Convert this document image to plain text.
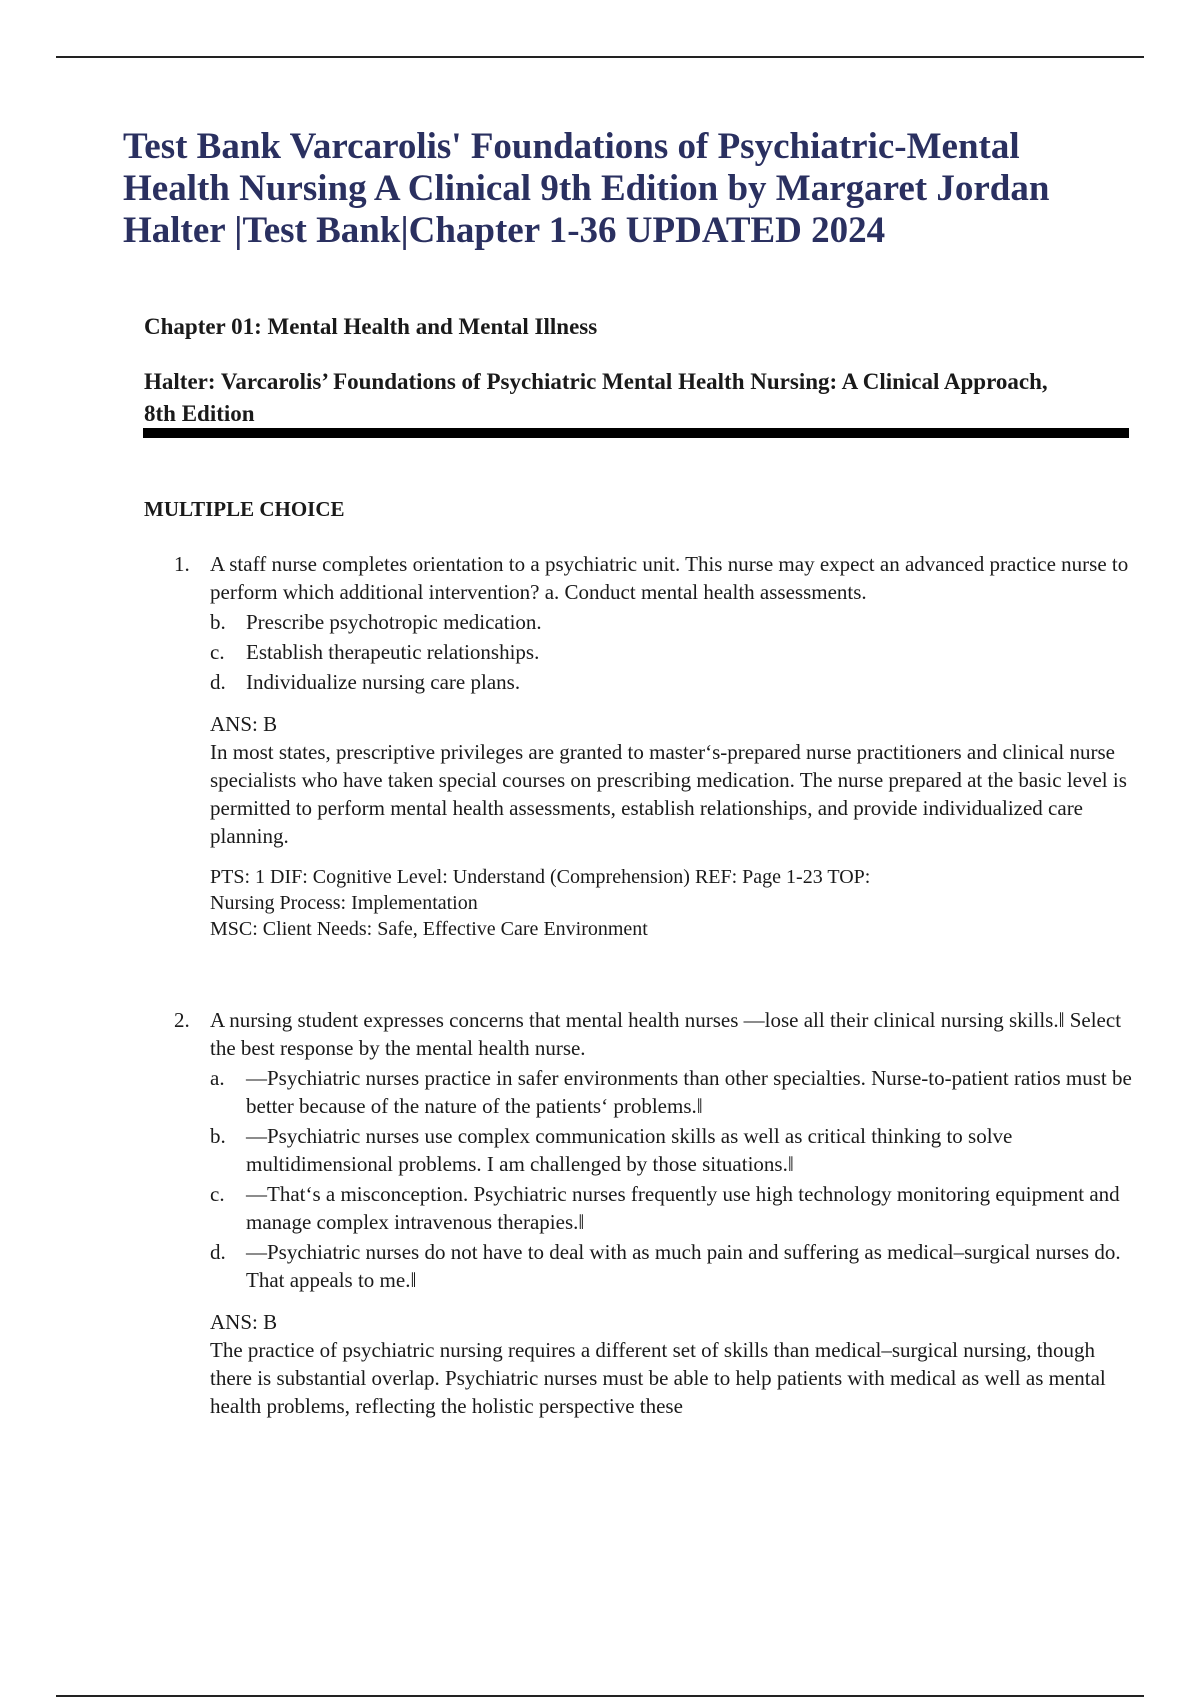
Test Bank Varcarolis' Foundations of Psychiatric-Mental Health Nursing A Clinical 9th Edition by Margaret Jordan Halter |Test Bank|Chapter 1-36 UPDATED 2024
Chapter 01: Mental Health and Mental Illness
Halter: Varcarolis’ Foundations of Psychiatric Mental Health Nursing: A Clinical Approach, 8th Edition
MULTIPLE CHOICE
1. A staff nurse completes orientation to a psychiatric unit. This nurse may expect an advanced practice nurse to perform which additional intervention? a. Conduct mental health assessments.
b. Prescribe psychotropic medication.
c. Establish therapeutic relationships.
d. Individualize nursing care plans.
ANS: B
In most states, prescriptive privileges are granted to master‘s-prepared nurse practitioners and clinical nurse specialists who have taken special courses on prescribing medication. The nurse prepared at the basic level is permitted to perform mental health assessments, establish relationships, and provide individualized care planning.
PTS: 1 DIF: Cognitive Level: Understand (Comprehension) REF: Page 1-23 TOP:
Nursing Process: Implementation
MSC: Client Needs: Safe, Effective Care Environment
2. A nursing student expresses concerns that mental health nurses ―lose all their clinical nursing skills.‖ Select the best response by the mental health nurse.
a. ―Psychiatric nurses practice in safer environments than other specialties. Nurse-to-patient ratios must be better because of the nature of the patients‘ problems.‖
b. ―Psychiatric nurses use complex communication skills as well as critical thinking to solve multidimensional problems. I am challenged by those situations.‖
c. ―That‘s a misconception. Psychiatric nurses frequently use high technology monitoring equipment and manage complex intravenous therapies.‖
d. ―Psychiatric nurses do not have to deal with as much pain and suffering as medical–surgical nurses do. That appeals to me.‖
ANS: B
The practice of psychiatric nursing requires a different set of skills than medical–surgical nursing, though there is substantial overlap. Psychiatric nurses must be able to help patients with medical as well as mental health problems, reflecting the holistic perspective these
